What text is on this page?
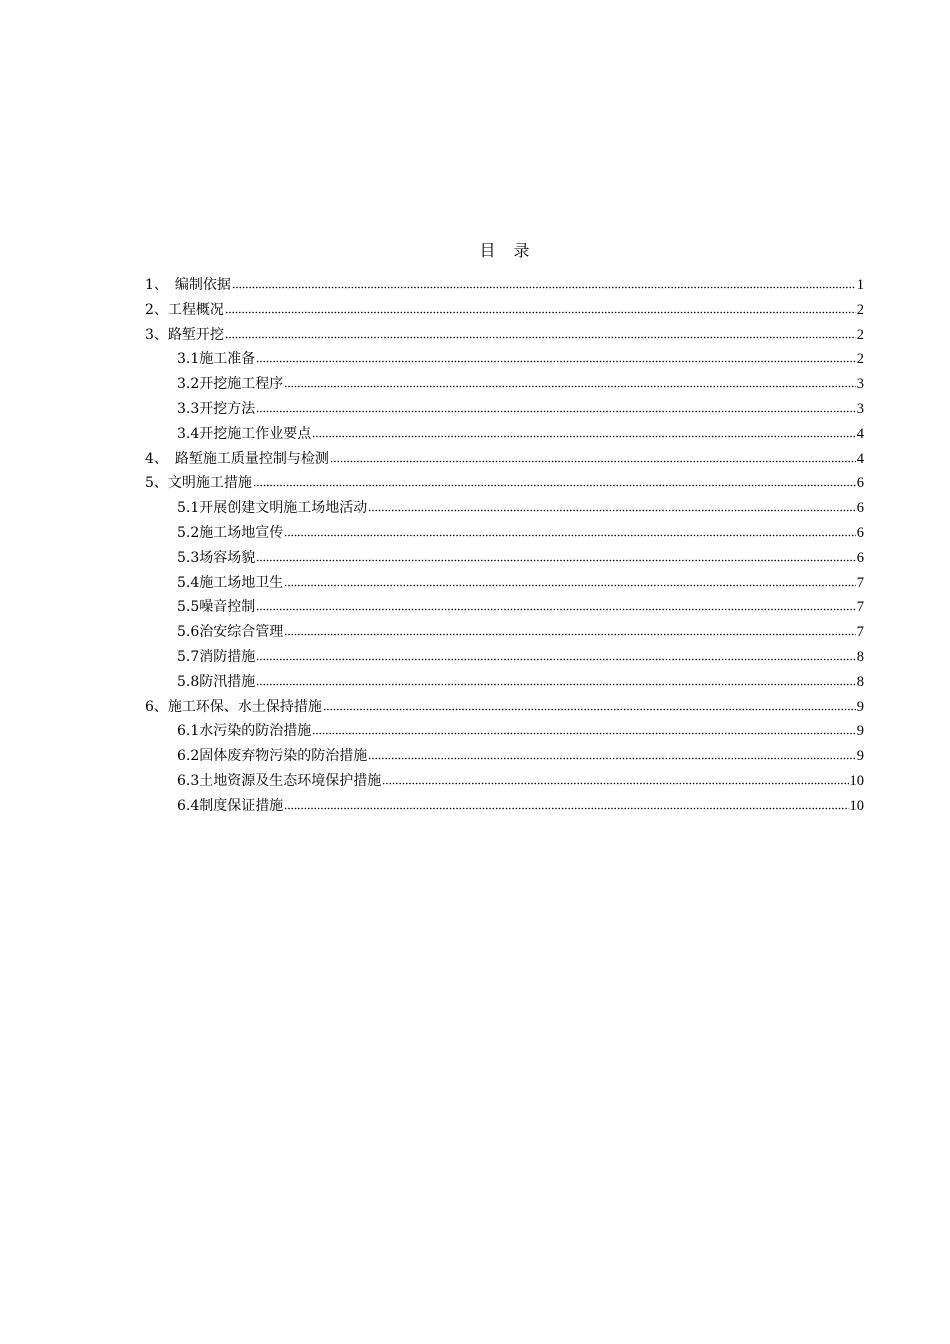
目　录
1、　编制依据	1
2、工程概况	2
3、路堑开挖	2
3.1施工准备	2
3.2开挖施工程序	3
3.3开挖方法	3
3.4开挖施工作业要点	4
4、　路堑施工质量控制与检测	4
5、文明施工措施	6
5.1开展创建文明施工场地活动	6
5.2施工场地宣传	6
5.3场容场貌	6
5.4施工场地卫生	7
5.5噪音控制	7
5.6治安综合管理	7
5.7消防措施	8
5.8防汛措施	8
6、施工环保、水土保持措施	9
6.1水污染的防治措施	9
6.2固体废弃物污染的防治措施	9
6.3土地资源及生态环境保护措施	10
6.4制度保证措施	10
